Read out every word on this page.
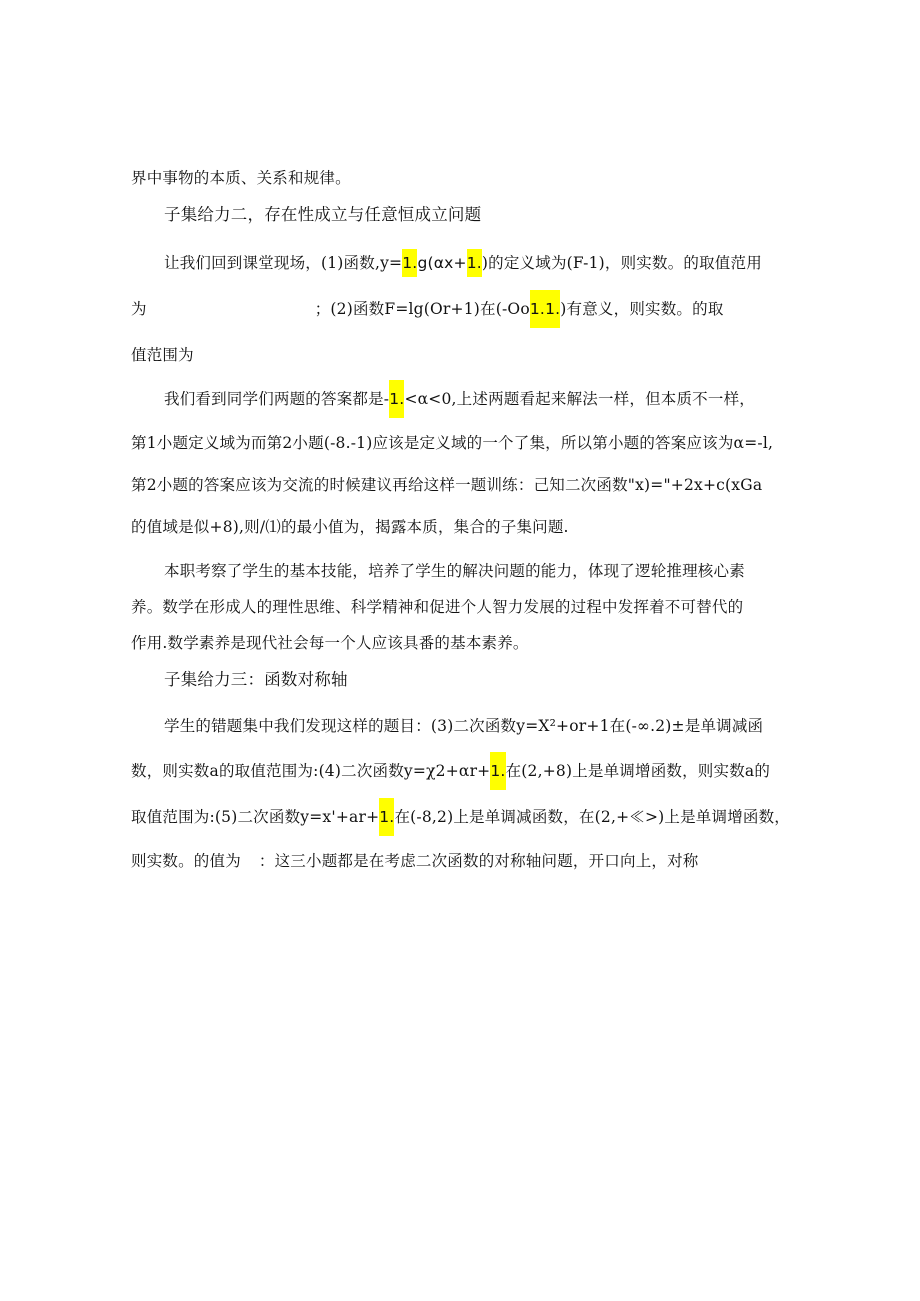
界中事物的本质、关系和规律。

子集给力二，存在性成立与任意恒成立问题

让我们回到课堂现场，(1)函数,y=1.g(αx+1.)的定义域为(F-1)，则实数。的取值范用

为	；(2)函数F=lg(Or+1)在(-Oo1.1.)有意义，则实数。的取

值范围为

我们看到同学们两题的答案都是-1.<α<0,上述两题看起来解法一样，但本质不一样，

第1小题定义域为而第2小题(-8.-1)应该是定义域的一个了集，所以第小题的答案应该为α=-l,

第2小题的答案应该为交流的时候建议再给这样一题训练：己知二次函数"x)="+2x+c(xGa

的值域是似+8),则/⑴的最小值为，揭露本质，集合的子集问题.

本职考察了学生的基本技能，培养了学生的解决问题的能力，体现了逻轮推理核心素

养。数学在形成人的理性思维、科学精神和促进个人智力发展的过程中发挥着不可替代的

作用.数学素养是现代社会每一个人应该具番的基本素养。

子集给力三：函数对称轴

学生的错题集中我们发现这样的题目：(3)二次函数y=X²+or+1在(-∞.2)±是单调减函

数，则实数a的取值范围为:(4)二次函数y=χ2+αr+1.在(2,+8)上是单调增函数，则实数a的

取值范围为:(5)二次函数y=x'+ar+1.在(-8,2)上是单调减函数，在(2,+≪>)上是单调增函数，

则实数。的值为 ：这三小题都是在考虑二次函数的对称轴问题，开口向上，对称
